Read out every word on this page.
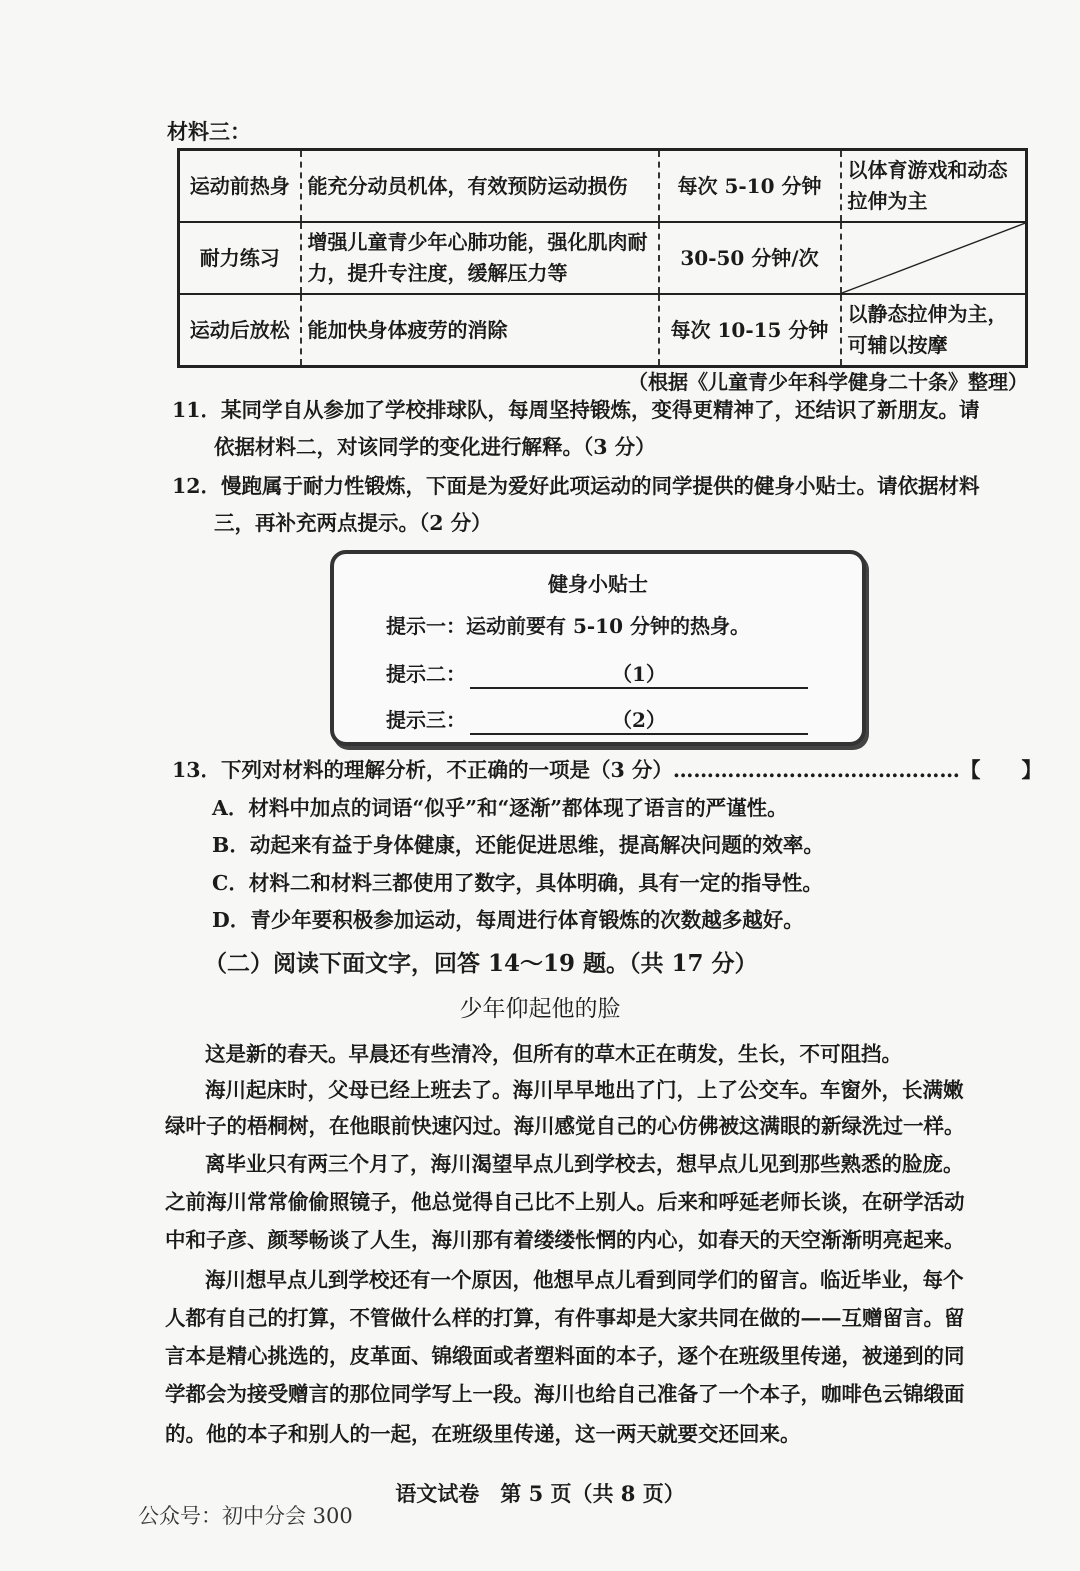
材料三：
运动前热身	能充分动员机体，有效预防运动损伤	每次 5-10 分钟	以体育游戏和动态拉伸为主
耐力练习	增强儿童青少年心肺功能，强化肌肉耐力，提升专注度，缓解压力等	30-50 分钟/次	

运动后放松	能加快身体疲劳的消除	每次 10-15 分钟	以静态拉伸为主，可辅以按摩
（根据《儿童青少年科学健身二十条》整理）
11．某同学自从参加了学校排球队，每周坚持锻炼，变得更精神了，还结识了新朋友。请
依据材料二，对该同学的变化进行解释。（3 分）
12．慢跑属于耐力性锻炼，下面是为爱好此项运动的同学提供的健身小贴士。请依据材料
三，再补充两点提示。（2 分）
健身小贴士
提示一：运动前要有 5-10 分钟的热身。
提示二：	（1）
提示三：	（2）
13．下列对材料的理解分析，不正确的一项是（3 分）…………………………………… 【　　】
A．材料中加点的词语“似乎”和“逐渐”都体现了语言的严谨性。
B．动起来有益于身体健康，还能促进思维，提高解决问题的效率。
C．材料二和材料三都使用了数字，具体明确，具有一定的指导性。
D．青少年要积极参加运动，每周进行体育锻炼的次数越多越好。
（二）阅读下面文字，回答 14～19 题。（共 17 分）
少年仰起他的脸
这是新的春天。早晨还有些清冷，但所有的草木正在萌发，生长，不可阻挡。
海川起床时，父母已经上班去了。海川早早地出了门，上了公交车。车窗外，长满嫩
绿叶子的梧桐树，在他眼前快速闪过。海川感觉自己的心仿佛被这满眼的新绿洗过一样。
离毕业只有两三个月了，海川渴望早点儿到学校去，想早点儿见到那些熟悉的脸庞。
之前海川常常偷偷照镜子，他总觉得自己比不上别人。后来和呼延老师长谈，在研学活动
中和子彦、颜琴畅谈了人生，海川那有着缕缕怅惘的内心，如春天的天空渐渐明亮起来。
海川想早点儿到学校还有一个原因，他想早点儿看到同学们的留言。临近毕业，每个
人都有自己的打算，不管做什么样的打算，有件事却是大家共同在做的——互赠留言。留
言本是精心挑选的，皮革面、锦缎面或者塑料面的本子，逐个在班级里传递，被递到的同
学都会为接受赠言的那位同学写上一段。海川也给自己准备了一个本子，咖啡色云锦缎面
的。他的本子和别人的一起，在班级里传递，这一两天就要交还回来。
语文试卷　第 5 页（共 8 页）
公众号：初中分会 300
